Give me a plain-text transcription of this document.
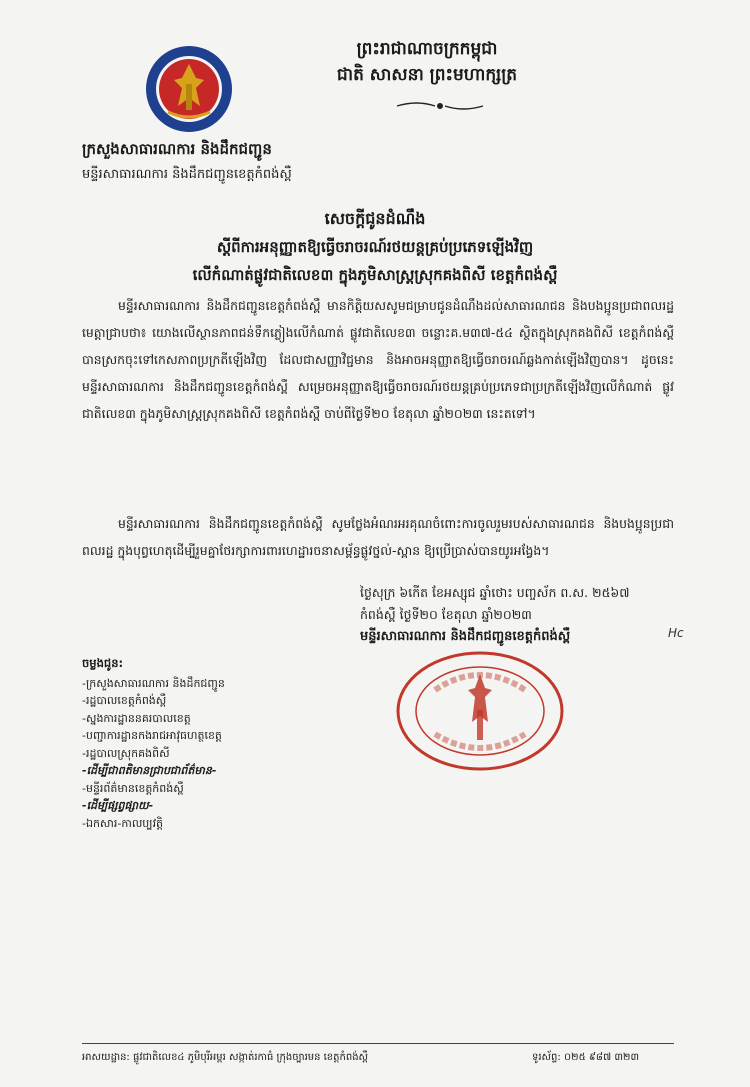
ព្រះរាជាណាចក្រកម្ពុជា
ជាតិ សាសនា ព្រះមហាក្សត្រ
ក្រសួងសាធារណការ និងដឹកជញ្ជូន
មន្ទីរសាធារណការ និងដឹកជញ្ជូនខេត្តកំពង់ស្ពឺ
សេចក្តីជូនដំណឹង
ស្តីពីការអនុញ្ញាតឱ្យធ្វើចរាចរណ៍រថយន្តគ្រប់ប្រភេទឡើងវិញ
លើកំណាត់ផ្លូវជាតិលេខ៣ ក្នុងភូមិសាស្ត្រស្រុកគងពិសី ខេត្តកំពង់ស្ពឺ
មន្ទីរសាធារណការ និងដឹកជញ្ជូនខេត្តកំពង់ស្ពឺ មានកិត្តិយសសូមជម្រាបជូនដំណឹងដល់សាធារណជន និងបងប្អូនប្រជាពលរដ្ឋមេត្តាជ្រាបថា៖ យោងលើស្ថានភាពជន់ទឹកភ្លៀងលើកំណាត់ ផ្លូវជាតិលេខ៣ ចន្លោះគ.ម៣៧-៥៤ ស្ថិតក្នុងស្រុកគងពិសី ខេត្តកំពង់ស្ពឺ បានស្រកចុះទៅកេសភាពប្រក្រតីឡើងវិញ ដែលជាសញ្ញាវិជ្ជមាន និងអាចអនុញ្ញាតឱ្យធ្វើចរាចរណ៍ឆ្លងកាត់ឡើងវិញបាន។ ដូចនេះមន្ទីរសាធារណការ និងដឹកជញ្ជូនខេត្តកំពង់ស្ពឺ សម្រេចអនុញ្ញាតឱ្យធ្វើចរាចរណ៍រថយន្តគ្រប់ប្រភេទជាប្រក្រតីឡើងវិញលើកំណាត់ ផ្លូវជាតិលេខ៣ ក្នុងភូមិសាស្ត្រស្រុកគងពិសី ខេត្តកំពង់ស្ពឺ ចាប់ពីថ្ងៃទី២០ ខែតុលា ឆ្នាំ២០២៣ នេះតទៅ។
មន្ទីរសាធារណការ និងដឹកជញ្ជូនខេត្តកំពង់ស្ពឺ សូមថ្លែងអំណរអរគុណចំពោះការចូលរួមរបស់សាធារណជន និងបងប្អូនប្រជាពលរដ្ឋ ក្នុងបុព្វហេតុដើម្បីរួមគ្នាថែរក្សាការពារហេដ្ឋារចនាសម្ព័ន្ធផ្លូវថ្នល់-ស្ពាន ឱ្យប្រើប្រាស់បានយូរអង្វែង។
ថ្ងៃសុក្រ ៦កើត ខែអស្សុជ ឆ្នាំថោះ បញ្ចស័ក ព.ស. ២៥៦៧
កំពង់ស្ពឺ ថ្ងៃទី២០ ខែតុលា ឆ្នាំ២០២៣
មន្ទីរសាធារណការ និងដឹកជញ្ជូនខេត្តកំពង់ស្ពឺ	Hc
ចម្លងជូន:
-ក្រសួងសាធារណការ និងដឹកជញ្ជូន
-រដ្ឋបាលខេត្តកំពង់ស្ពឺ
-ស្នងការដ្ឋាននគរបាលខេត្ត
-បញ្ជាការដ្ឋានកងរាជអាវុធហត្ថខេត្ត
-រដ្ឋបាលស្រុកគងពិសី
-ដើម្បីជាពតិមានជ្រាបជាព័ត៌មាន-
-មន្ទីរព័ត៌មានខេត្តកំពង់ស្ពឺ
-ដើម្បីផ្សព្វផ្សាយ-
-ឯកសារ-កាលប្បវត្តិ
អាសយដ្ឋាន: ផ្លូវជាតិលេខ៤ ភូមិបុរីអម្ពរ សង្កាត់រកាធំ ក្រុងច្បារមន ខេត្តកំពង់ស្ពឺ	ទូរស័ព្ទ: ០២៥ ៩៨៧ ៣២៣
